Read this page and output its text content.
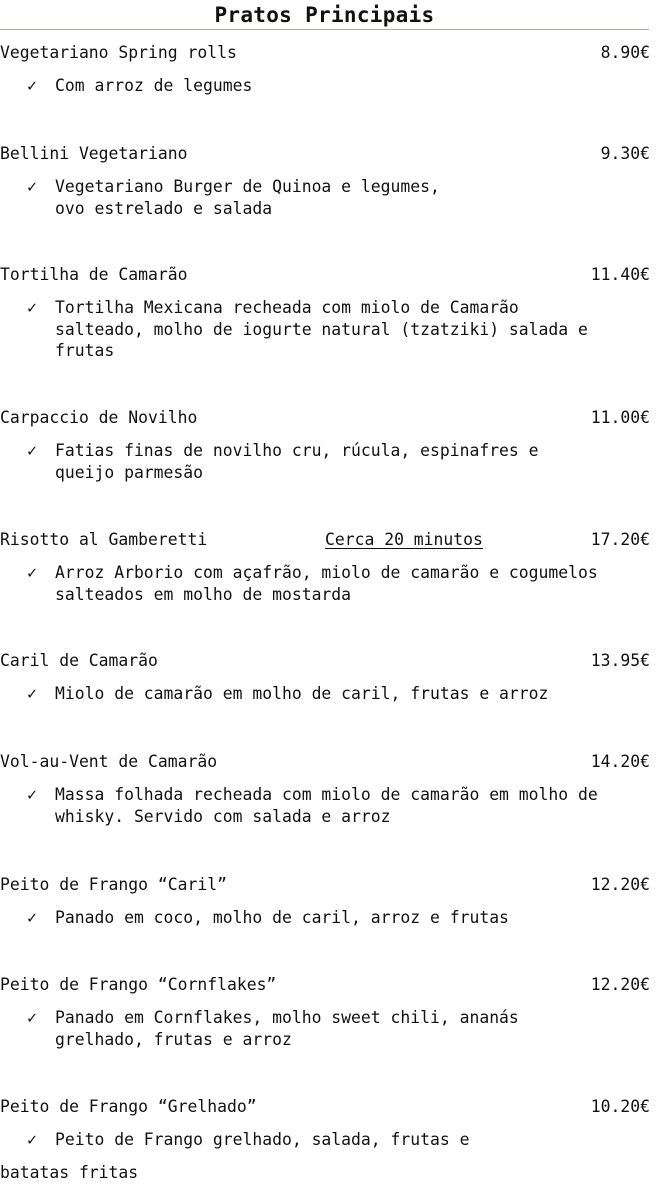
Pratos Principais
Vegetariano Spring rolls	8.90€
✓ Com arroz de legumes
Bellini Vegetariano	9.30€
✓ Vegetariano Burger de Quinoa e legumes,
ovo estrelado e salada
Tortilha de Camarão	11.40€
✓ Tortilha Mexicana recheada com miolo de Camarão
salteado, molho de iogurte natural (tzatziki) salada e
frutas
Carpaccio de Novilho	11.00€
✓ Fatias finas de novilho cru, rúcula, espinafres e
queijo parmesão
Risotto al Gamberetti	Cerca 20 minutos	17.20€
✓ Arroz Arborio com açafrão, miolo de camarão e cogumelos
salteados em molho de mostarda
Caril de Camarão	13.95€
✓ Miolo de camarão em molho de caril, frutas e arroz
Vol-au-Vent de Camarão	14.20€
✓ Massa folhada recheada com miolo de camarão em molho de
whisky. Servido com salada e arroz
Peito de Frango “Caril”	12.20€
✓ Panado em coco, molho de caril, arroz e frutas
Peito de Frango “Cornflakes”	12.20€
✓ Panado em Cornflakes, molho sweet chili, ananás
grelhado, frutas e arroz
Peito de Frango “Grelhado”	10.20€
✓ Peito de Frango grelhado, salada, frutas e
batatas fritas
